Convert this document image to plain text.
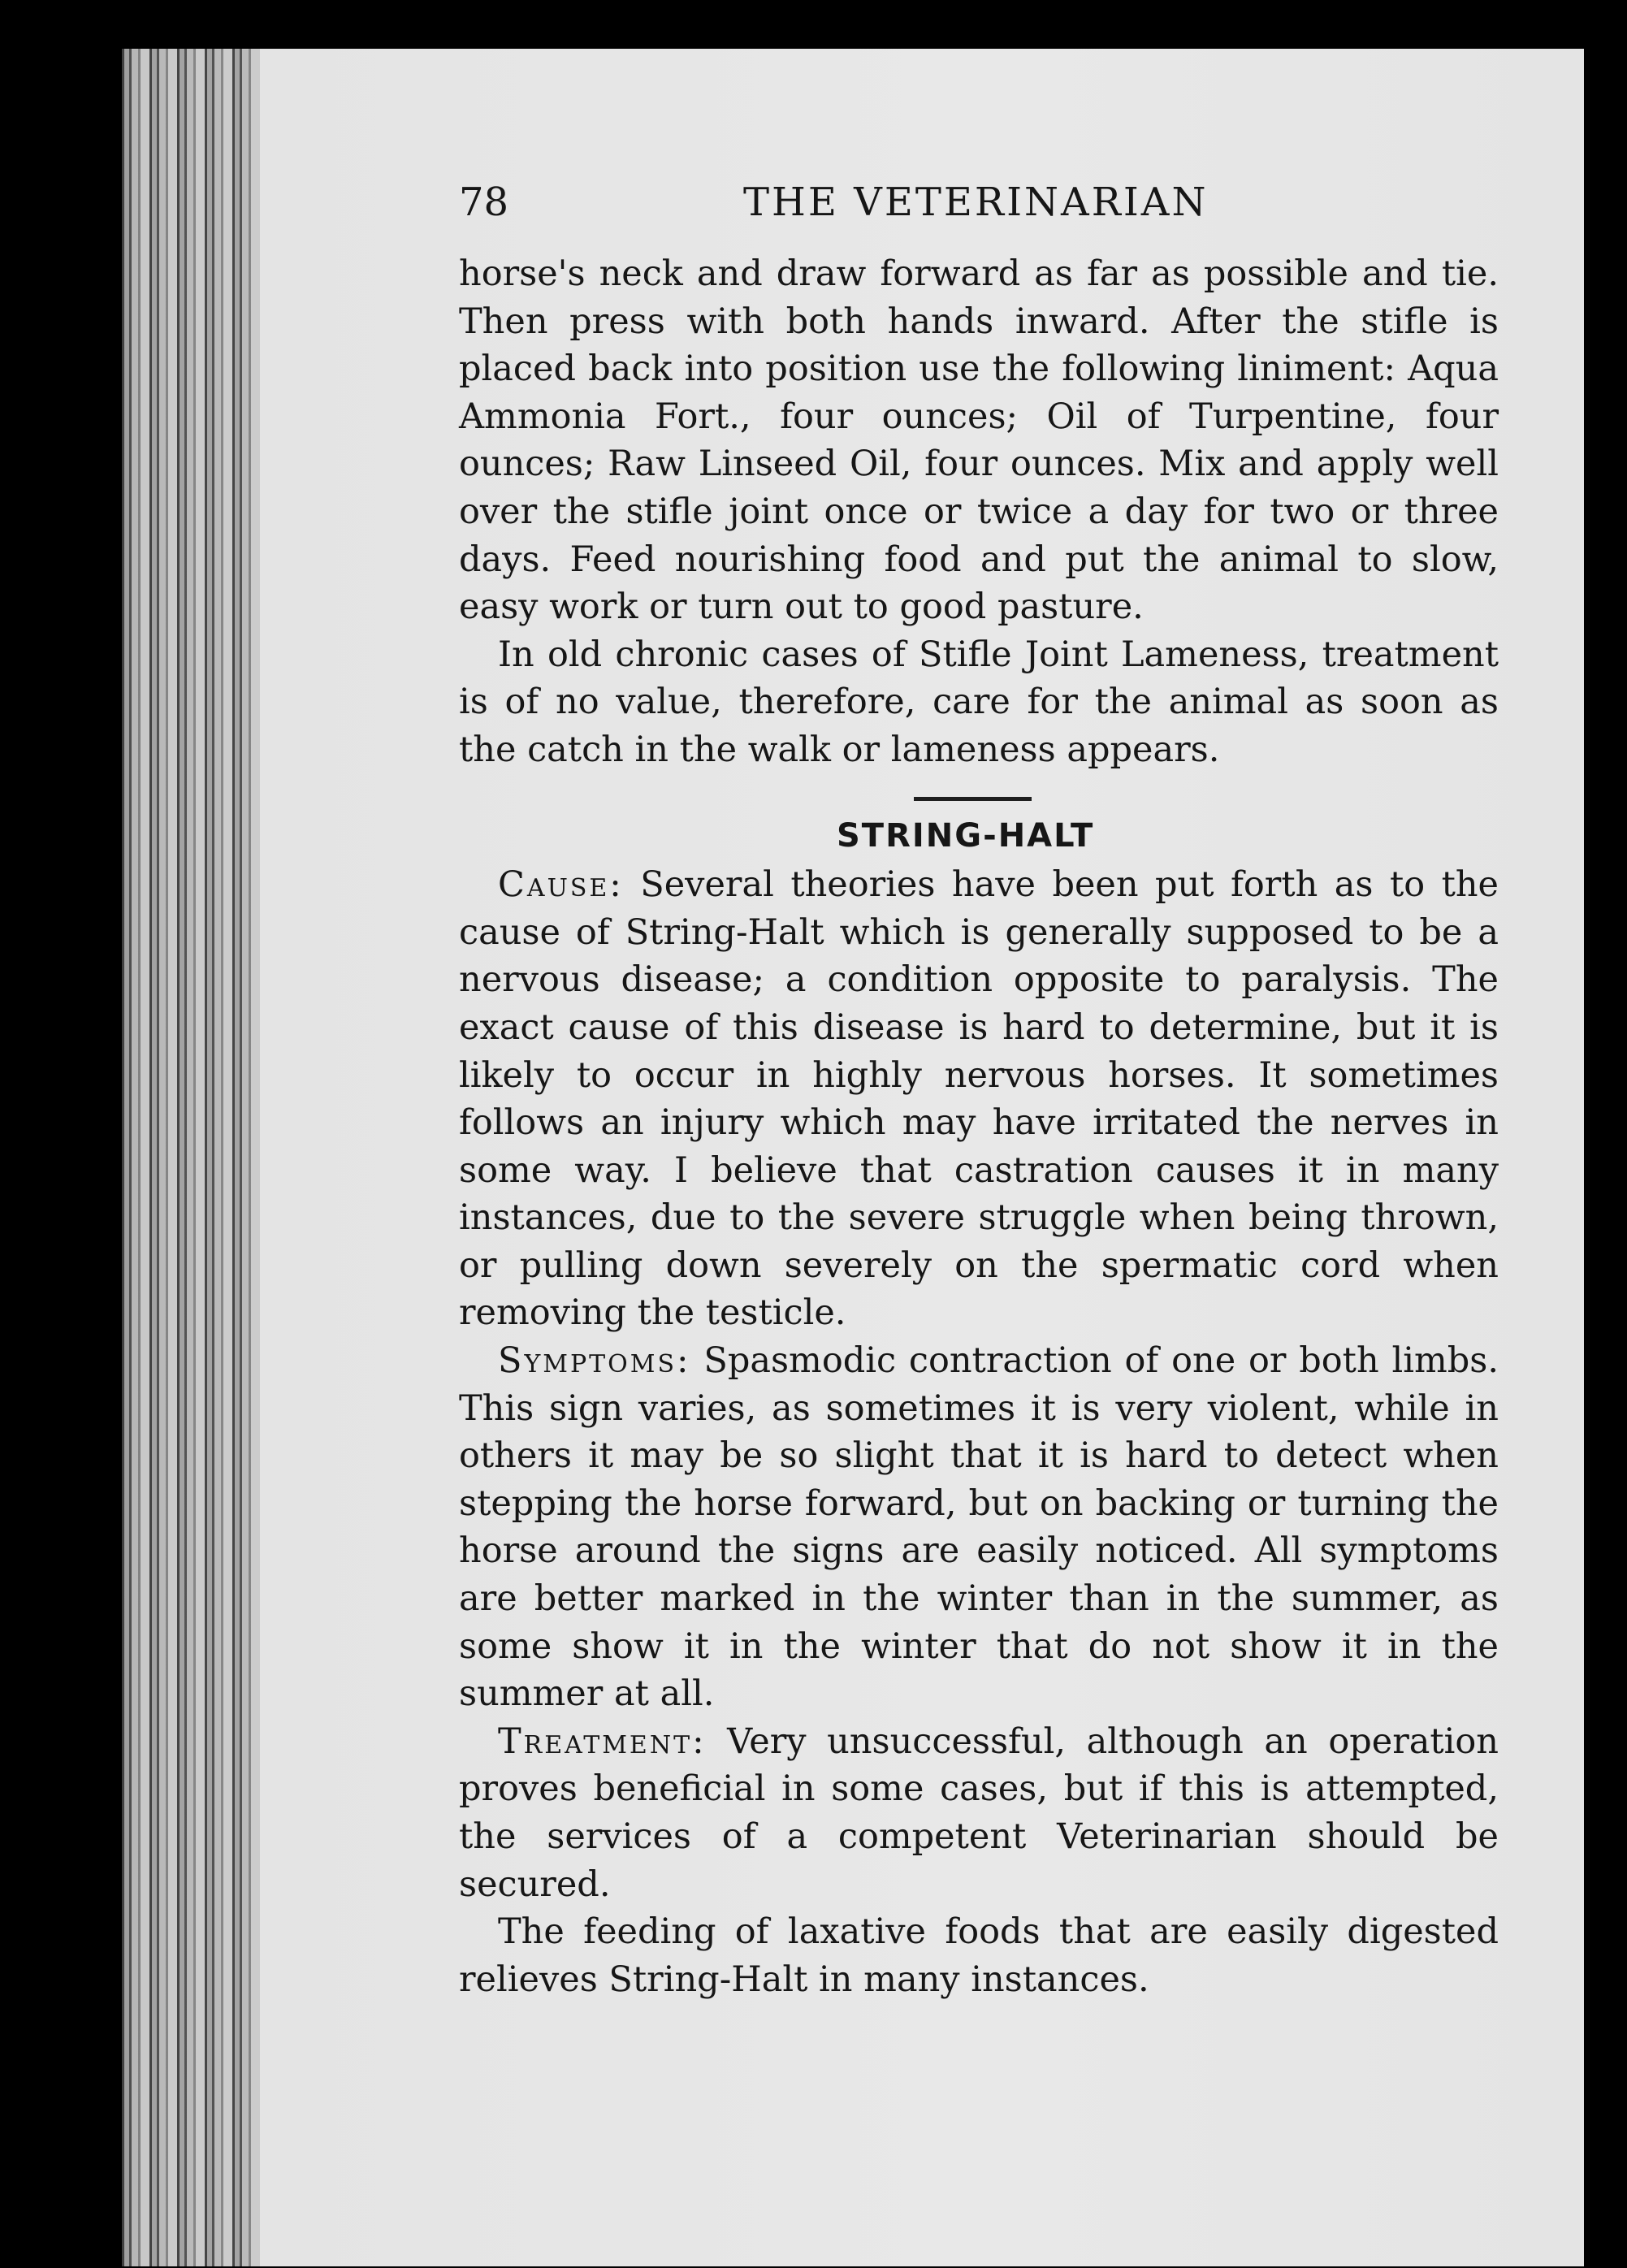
78	THE VETERINARIAN

horse's neck and draw forward as far as possible and tie. Then press with both hands inward. After the stifle is placed back into position use the following liniment: Aqua Ammonia Fort., four ounces; Oil of Turpentine, four ounces; Raw Linseed Oil, four ounces. Mix and apply well over the stifle joint once or twice a day for two or three days. Feed nourishing food and put the animal to slow, easy work or turn out to good pasture.

In old chronic cases of Stifle Joint Lameness, treatment is of no value, therefore, care for the animal as soon as the catch in the walk or lameness appears.

STRING-HALT

Cause: Several theories have been put forth as to the cause of String-Halt which is generally supposed to be a nervous disease; a condition opposite to paralysis. The exact cause of this disease is hard to determine, but it is likely to occur in highly nervous horses. It sometimes follows an injury which may have irritated the nerves in some way. I believe that castration causes it in many instances, due to the severe struggle when being thrown, or pulling down severely on the spermatic cord when removing the testicle.

Symptoms: Spasmodic contraction of one or both limbs. This sign varies, as sometimes it is very violent, while in others it may be so slight that it is hard to detect when stepping the horse forward, but on backing or turning the horse around the signs are easily noticed. All symptoms are better marked in the winter than in the summer, as some show it in the winter that do not show it in the summer at all.

Treatment: Very unsuccessful, although an operation proves beneficial in some cases, but if this is attempted, the services of a competent Veterinarian should be secured.

The feeding of laxative foods that are easily digested relieves String-Halt in many instances.
